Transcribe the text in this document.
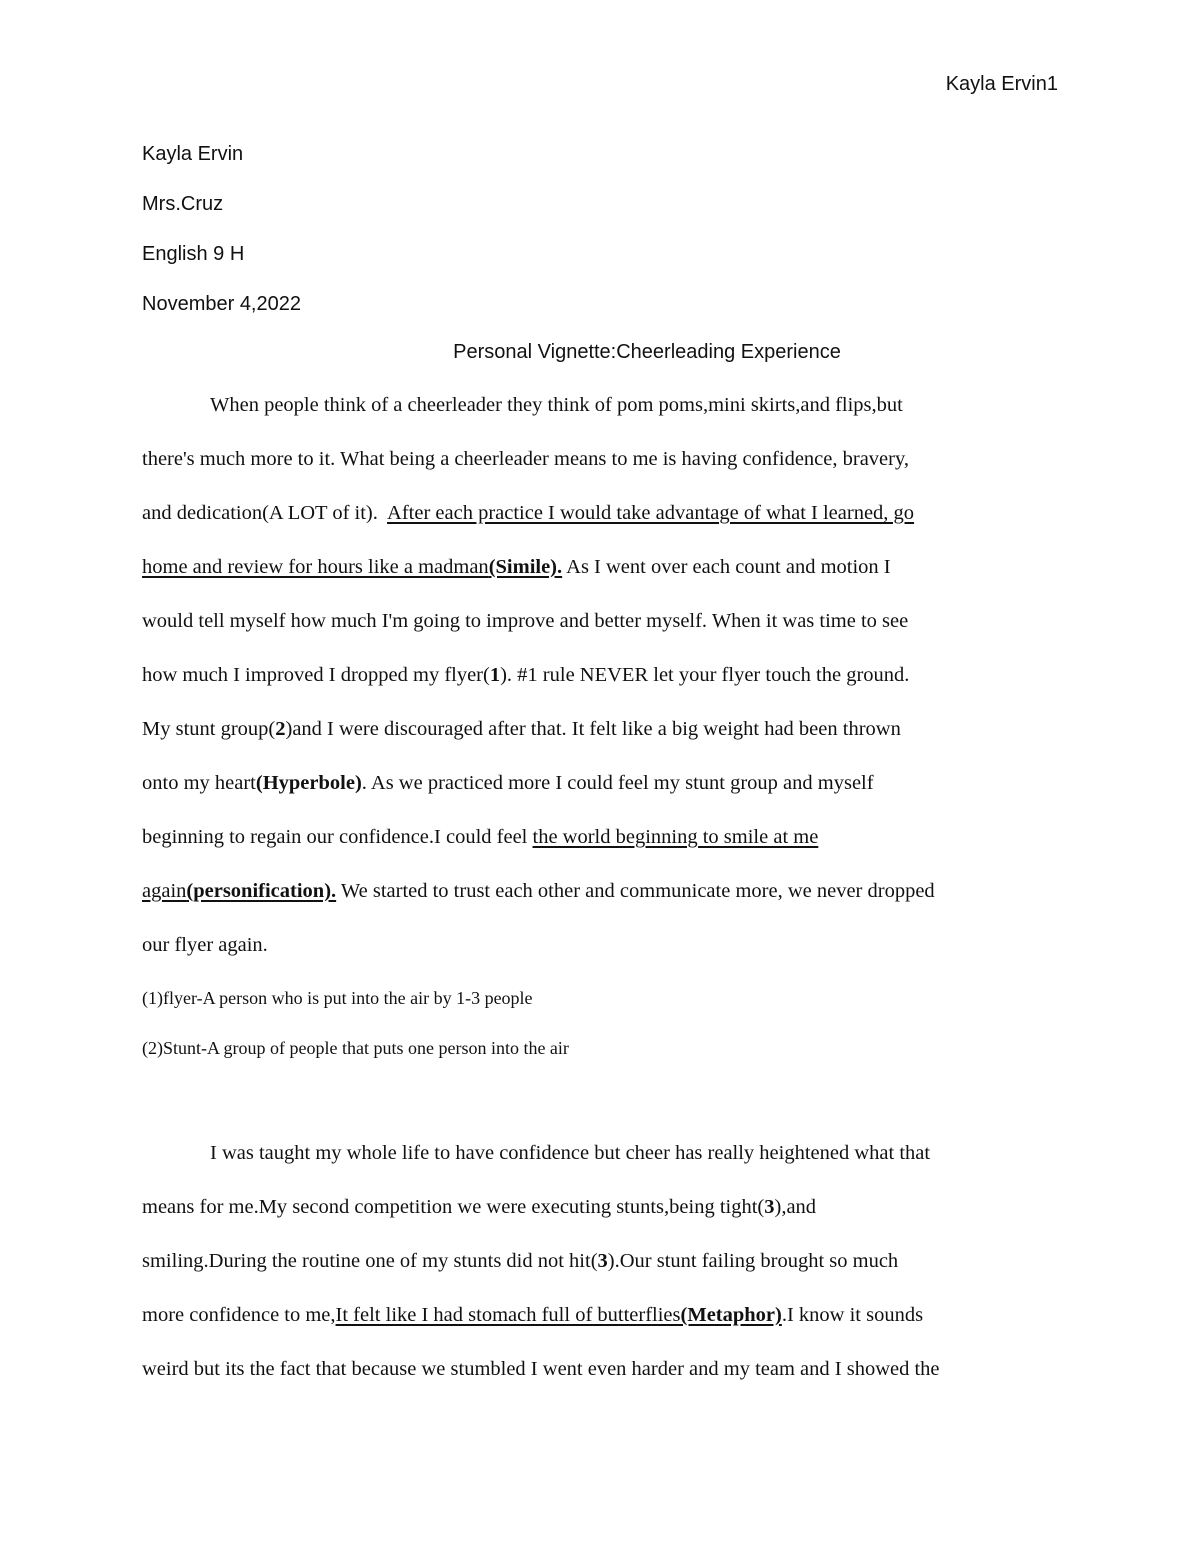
Kayla Ervin1
Kayla Ervin
Mrs.Cruz
English 9 H
November 4,2022
Personal Vignette:Cheerleading Experience
When people think of a cheerleader they think of pom poms,mini skirts,and flips,but
there's much more to it. What being a cheerleader means to me is having confidence, bravery,
and dedication(A LOT of it). After each practice I would take advantage of what I learned, go
home and review for hours like a madman(Simile). As I went over each count and motion I
would tell myself how much I'm going to improve and better myself. When it was time to see
how much I improved I dropped my flyer(1). #1 rule NEVER let your flyer touch the ground.
My stunt group(2)and I were discouraged after that. It felt like a big weight had been thrown
onto my heart(Hyperbole). As we practiced more I could feel my stunt group and myself
beginning to regain our confidence.I could feel the world beginning to smile at me
again(personification). We started to trust each other and communicate more, we never dropped
our flyer again.
(1)flyer-A person who is put into the air by 1-3 people
(2)Stunt-A group of people that puts one person into the air
I was taught my whole life to have confidence but cheer has really heightened what that
means for me.My second competition we were executing stunts,being tight(3),and
smiling.During the routine one of my stunts did not hit(3).Our stunt failing brought so much
more confidence to me,It felt like I had stomach full of butterflies(Metaphor).I know it sounds
weird but its the fact that because we stumbled I went even harder and my team and I showed the
